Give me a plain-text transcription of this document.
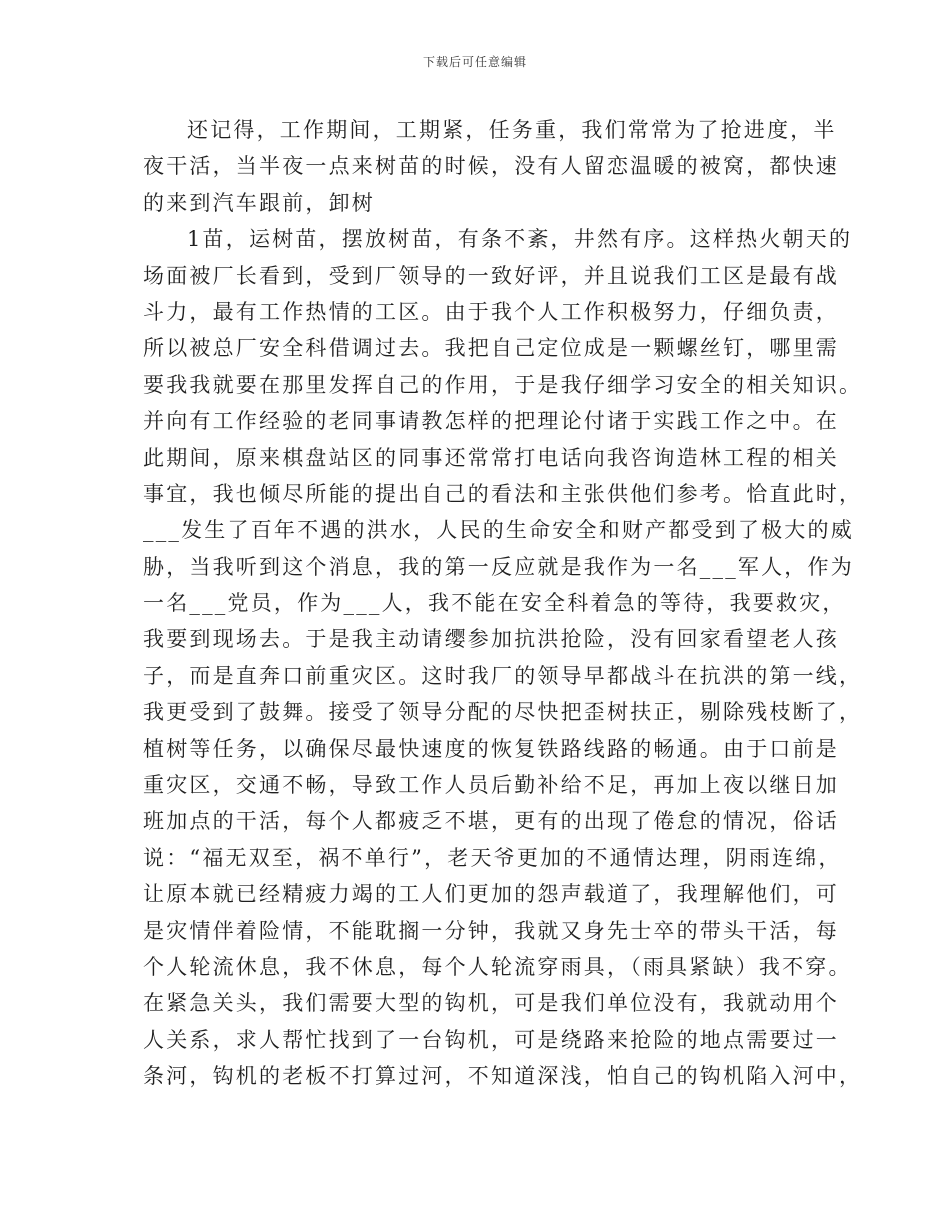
下载后可任意编辑
还记得，工作期间，工期紧，任务重，我们常常为了抢进度，半
夜干活，当半夜一点来树苗的时候，没有人留恋温暖的被窝，都快速
的来到汽车跟前，卸树
1苗，运树苗，摆放树苗，有条不紊，井然有序。这样热火朝天的
场面被厂长看到，受到厂领导的一致好评，并且说我们工区是最有战
斗力，最有工作热情的工区。由于我个人工作积极努力，仔细负责，
所以被总厂安全科借调过去。我把自己定位成是一颗螺丝钉，哪里需
要我我就要在那里发挥自己的作用，于是我仔细学习安全的相关知识。
并向有工作经验的老同事请教怎样的把理论付诸于实践工作之中。在
此期间，原来棋盘站区的同事还常常打电话向我咨询造林工程的相关
事宜，我也倾尽所能的提出自己的看法和主张供他们参考。恰直此时，
___发生了百年不遇的洪水，人民的生命安全和财产都受到了极大的威
胁，当我听到这个消息，我的第一反应就是我作为一名___军人，作为
一名___党员，作为___人，我不能在安全科着急的等待，我要救灾，
我要到现场去。于是我主动请缨参加抗洪抢险，没有回家看望老人孩
子，而是直奔口前重灾区。这时我厂的领导早都战斗在抗洪的第一线，
我更受到了鼓舞。接受了领导分配的尽快把歪树扶正，剔除残枝断了，
植树等任务，以确保尽最快速度的恢复铁路线路的畅通。由于口前是
重灾区，交通不畅，导致工作人员后勤补给不足，再加上夜以继日加
班加点的干活，每个人都疲乏不堪，更有的出现了倦怠的情况，俗话
说：“福无双至，祸不单行”，老天爷更加的不通情达理，阴雨连绵，
让原本就已经精疲力竭的工人们更加的怨声载道了，我理解他们，可
是灾情伴着险情，不能耽搁一分钟，我就又身先士卒的带头干活，每
个人轮流休息，我不休息，每个人轮流穿雨具，（雨具紧缺）我不穿。
在紧急关头，我们需要大型的钩机，可是我们单位没有，我就动用个
人关系，求人帮忙找到了一台钩机，可是绕路来抢险的地点需要过一
条河，钩机的老板不打算过河，不知道深浅，怕自己的钩机陷入河中，
